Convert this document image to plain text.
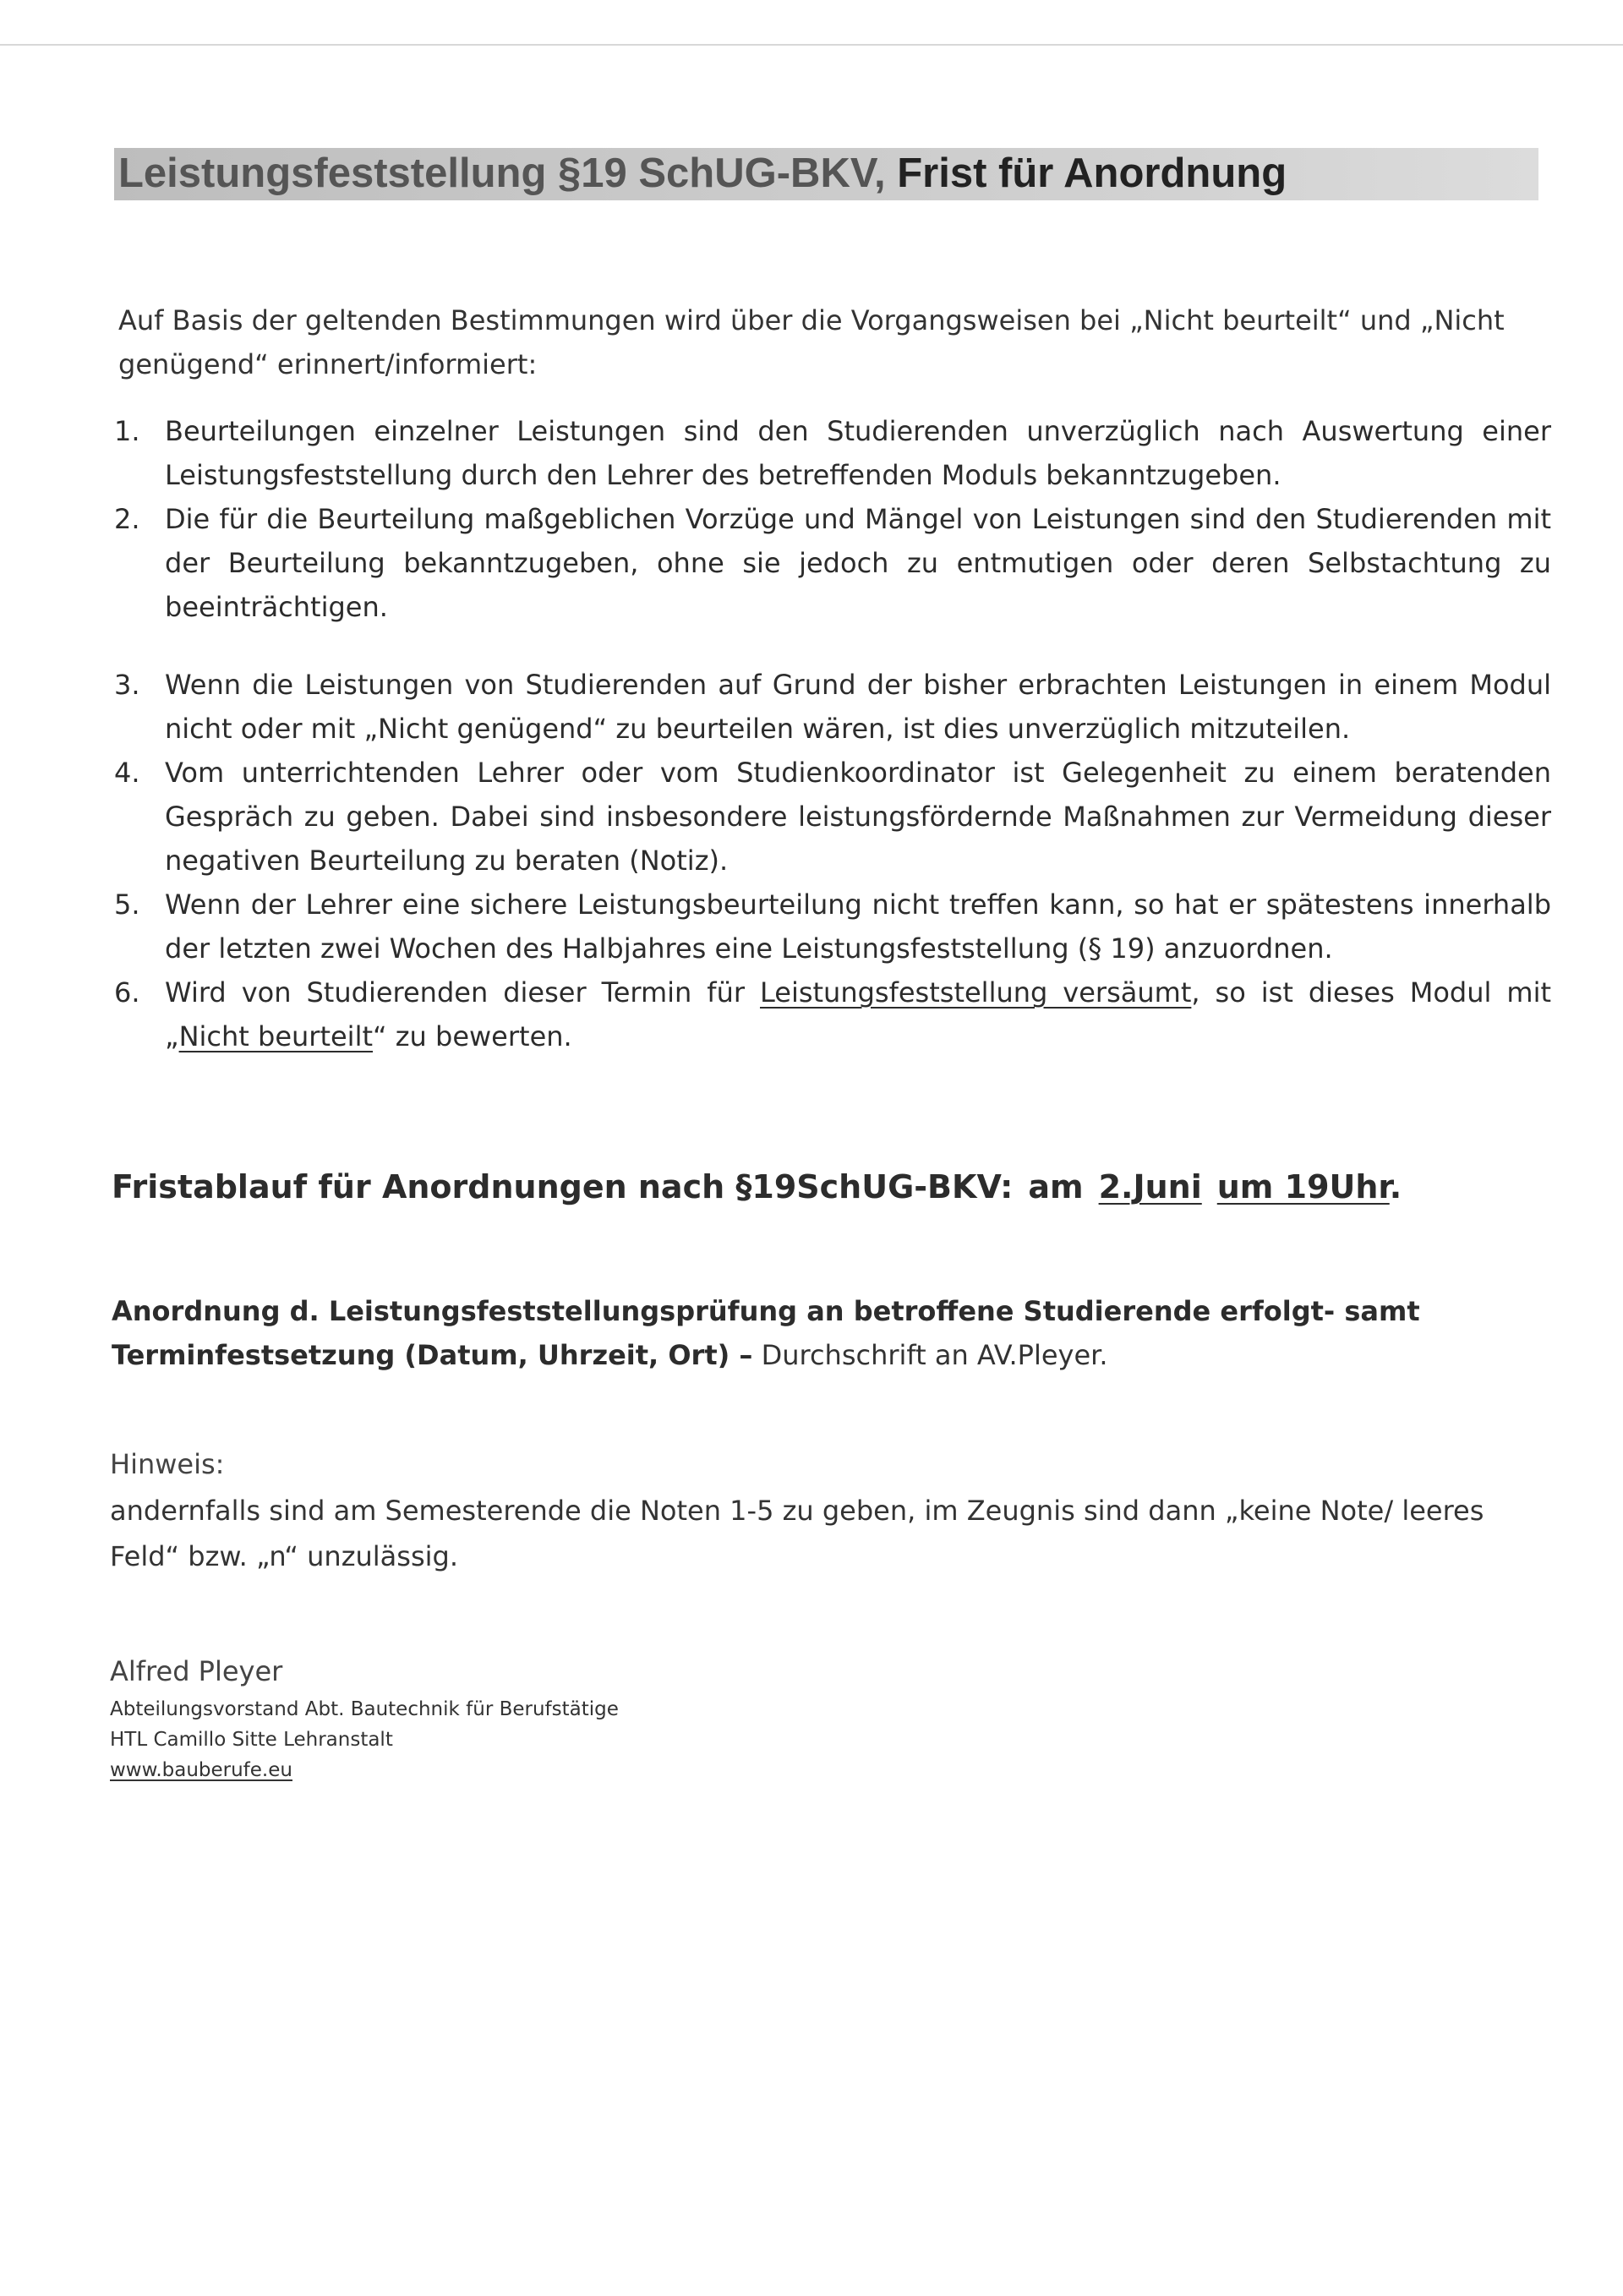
Leistungsfeststellung §19 SchUG-BKV, Frist für Anordnung

Auf Basis der geltenden Bestimmungen wird über die Vorgangsweisen bei „Nicht beurteilt“ und „Nicht genügend“ erinnert/informiert:

1. Beurteilungen einzelner Leistungen sind den Studierenden unverzüglich nach Auswertung einer Leistungsfeststellung durch den Lehrer des betreffenden Moduls bekanntzugeben.
2. Die für die Beurteilung maßgeblichen Vorzüge und Mängel von Leistungen sind den Studierenden mit der Beurteilung bekanntzugeben, ohne sie jedoch zu entmutigen oder deren Selbstachtung zu beeinträchtigen.
3. Wenn die Leistungen von Studierenden auf Grund der bisher erbrachten Leistungen in einem Modul nicht oder mit „Nicht genügend“ zu beurteilen wären, ist dies unverzüglich mitzuteilen.
4. Vom unterrichtenden Lehrer oder vom Studienkoordinator ist Gelegenheit zu einem beratenden Gespräch zu geben. Dabei sind insbesondere leistungsfördernde Maßnahmen zur Vermeidung dieser negativen Beurteilung zu beraten (Notiz).
5. Wenn der Lehrer eine sichere Leistungsbeurteilung nicht treffen kann, so hat er spätestens innerhalb der letzten zwei Wochen des Halbjahres eine Leistungsfeststellung (§ 19) anzuordnen.
6. Wird von Studierenden dieser Termin für Leistungsfeststellung versäumt, so ist dieses Modul mit „Nicht beurteilt“ zu bewerten.
Fristablauf für Anordnungen nach §19SchUG-BKV: am 2.Juni um 19Uhr.

Anordnung d. Leistungsfeststellungsprüfung an betroffene Studierende erfolgt- samt Terminfestsetzung (Datum, Uhrzeit, Ort) – Durchschrift an AV.Pleyer.

Hinweis:

andernfalls sind am Semesterende die Noten 1-5 zu geben, im Zeugnis sind dann „keine Note/ leeres Feld“ bzw. „n“ unzulässig.

Alfred Pleyer
Abteilungsvorstand Abt. Bautechnik für Berufstätige
HTL Camillo Sitte Lehranstalt
www.bauberufe.eu
